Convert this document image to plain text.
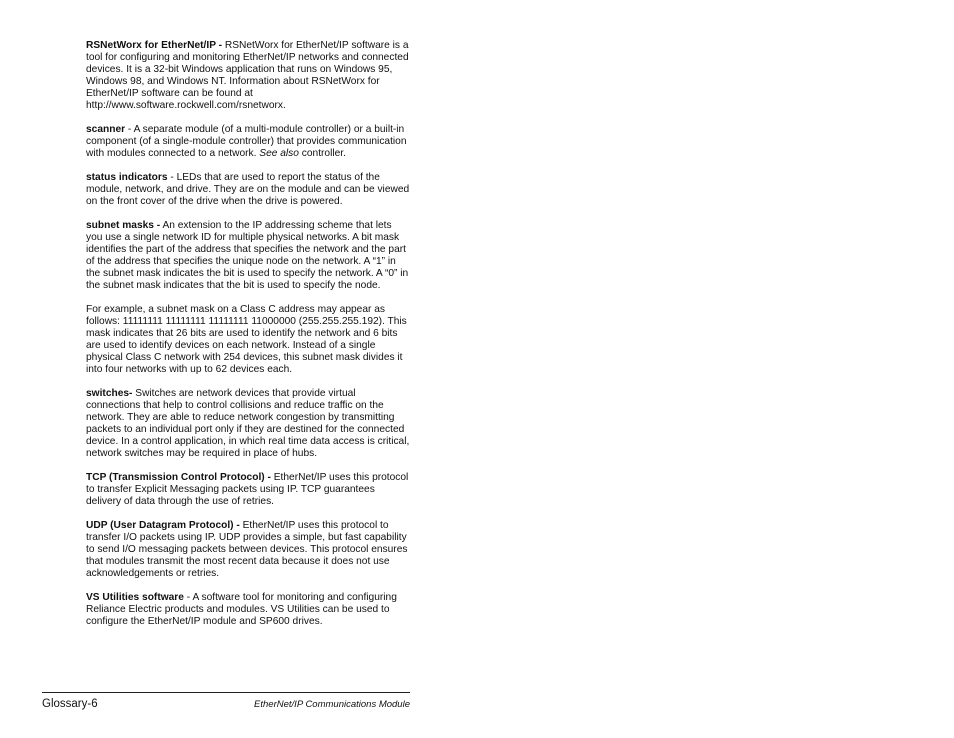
RSNetWorx for EtherNet/IP - RSNetWorx for EtherNet/IP software is a tool for configuring and monitoring EtherNet/IP networks and connected devices. It is a 32-bit Windows application that runs on Windows 95, Windows 98, and Windows NT. Information about RSNetWorx for EtherNet/IP software can be found at http://www.software.rockwell.com/rsnetworx.

scanner - A separate module (of a multi-module controller) or a built-in component (of a single-module controller) that provides communication with modules connected to a network. See also controller.

status indicators - LEDs that are used to report the status of the module, network, and drive. They are on the module and can be viewed on the front cover of the drive when the drive is powered.

subnet masks - An extension to the IP addressing scheme that lets you use a single network ID for multiple physical networks. A bit mask identifies the part of the address that specifies the network and the part of the address that specifies the unique node on the network. A “1” in the subnet mask indicates the bit is used to specify the network. A “0” in the subnet mask indicates that the bit is used to specify the node.

For example, a subnet mask on a Class C address may appear as follows: 11111111 11111111 11111111 11000000 (255.255.255.192). This mask indicates that 26 bits are used to identify the network and 6 bits are used to identify devices on each network. Instead of a single physical Class C network with 254 devices, this subnet mask divides it into four networks with up to 62 devices each.

switches- Switches are network devices that provide virtual connections that help to control collisions and reduce traffic on the network. They are able to reduce network congestion by transmitting packets to an individual port only if they are destined for the connected device. In a control application, in which real time data access is critical, network switches may be required in place of hubs.

TCP (Transmission Control Protocol) - EtherNet/IP uses this protocol to transfer Explicit Messaging packets using IP. TCP guarantees delivery of data through the use of retries.

UDP (User Datagram Protocol) - EtherNet/IP uses this protocol to transfer I/O packets using IP. UDP provides a simple, but fast capability to send I/O messaging packets between devices. This protocol ensures that modules transmit the most recent data because it does not use acknowledgements or retries.

VS Utilities software - A software tool for monitoring and configuring Reliance Electric products and modules. VS Utilities can be used to configure the EtherNet/IP module and SP600 drives.

Glossary-6	EtherNet/IP Communications Module
